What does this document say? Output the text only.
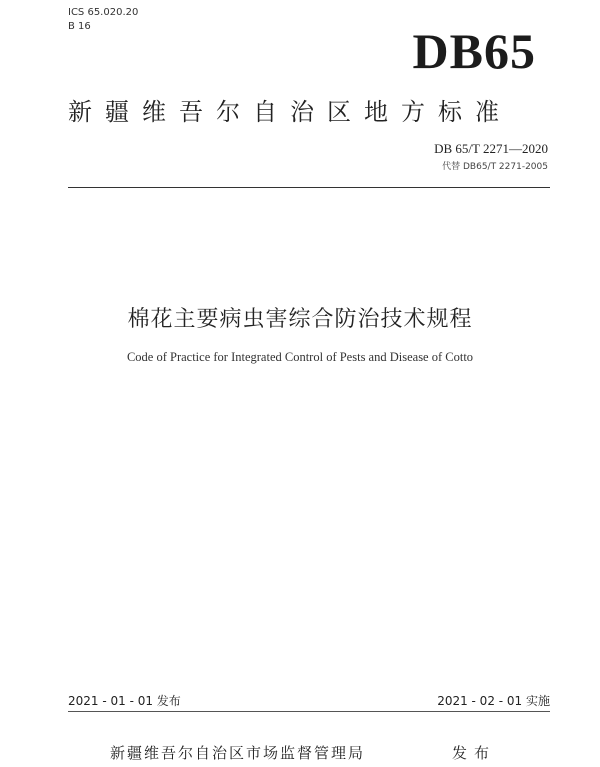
ICS 65.020.20
B 16	DB65
新疆维吾尔自治区地方标准
DB 65/T 2271—2020
代替 DB65/T 2271-2005
棉花主要病虫害综合防治技术规程
Code of Practice for Integrated Control of Pests and Disease of Cotto
2021 - 01 - 01 发布	2021 - 02 - 01 实施
新疆维吾尔自治区市场监督管理局	发布
